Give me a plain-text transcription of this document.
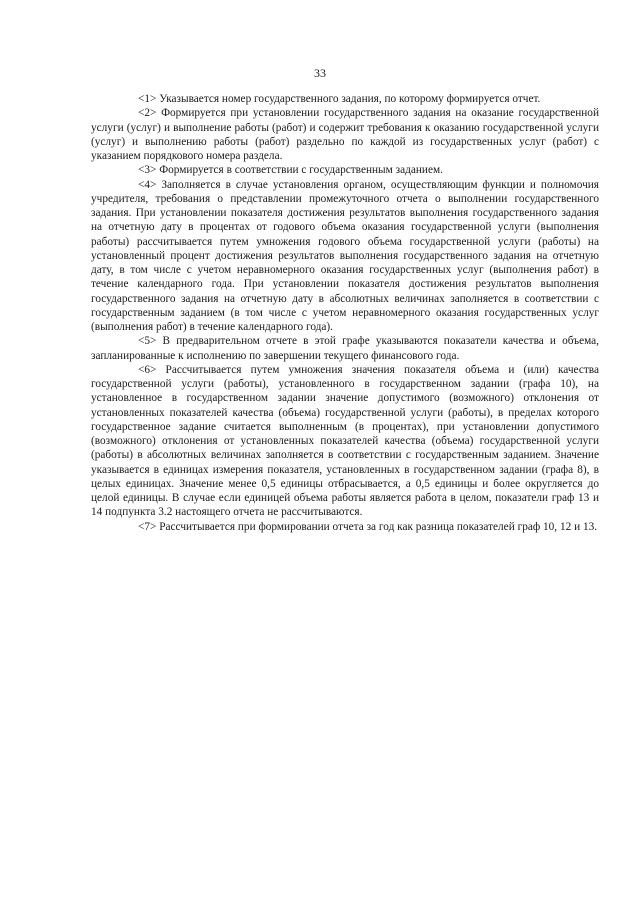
33

<1> Указывается номер государственного задания, по которому формируется отчет.

<2> Формируется при установлении государственного задания на оказание государственной услуги (услуг) и выполнение работы (работ) и содержит требования к оказанию государственной услуги (услуг) и выполнению работы (работ) раздельно по каждой из государственных услуг (работ) с указанием порядкового номера раздела.

<3> Формируется в соответствии с государственным заданием.

<4> Заполняется в случае установления органом, осуществляющим функции и полномочия учредителя, требования о представлении промежуточного отчета о выполнении государственного задания. При установлении показателя достижения результатов выполнения государственного задания на отчетную дату в процентах от годового объема оказания государственной услуги (выполнения работы) рассчитывается путем умножения годового объема государственной услуги (работы) на установленный процент достижения результатов выполнения государственного задания на отчетную дату, в том числе с учетом неравномерного оказания государственных услуг (выполнения работ) в течение календарного года. При установлении показателя достижения результатов выполнения государственного задания на отчетную дату в абсолютных величинах заполняется в соответствии с государственным заданием (в том числе с учетом неравномерного оказания государственных услуг (выполнения работ) в течение календарного года).

<5> В предварительном отчете в этой графе указываются показатели качества и объема, запланированные к исполнению по завершении текущего финансового года.

<6> Рассчитывается путем умножения значения показателя объема и (или) качества государственной услуги (работы), установленного в государственном задании (графа 10), на установленное в государственном задании значение допустимого (возможного) отклонения от установленных показателей качества (объема) государственной услуги (работы), в пределах которого государственное задание считается выполненным (в процентах), при установлении допустимого (возможного) отклонения от установленных показателей качества (объема) государственной услуги (работы) в абсолютных величинах заполняется в соответствии с государственным заданием. Значение указывается в единицах измерения показателя, установленных в государственном задании (графа 8), в целых единицах. Значение менее 0,5 единицы отбрасывается, а 0,5 единицы и более округляется до целой единицы. В случае если единицей объема работы является работа в целом, показатели граф 13 и 14 подпункта 3.2 настоящего отчета не рассчитываются.

<7> Рассчитывается при формировании отчета за год как разница показателей граф 10, 12 и 13.
